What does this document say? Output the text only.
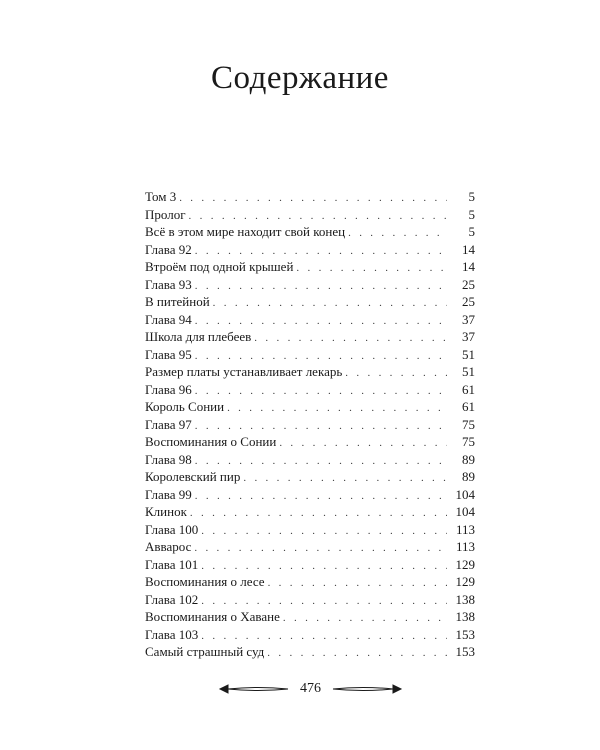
Содержание
Том 3 . . .	5
Пролог . . .	5
Всё в этом мире находит свой конец . . .	5
Глава 92 . . .	14
Втроём под одной крышей . . .	14
Глава 93 . . .	25
В питейной . . .	25
Глава 94 . . .	37
Школа для плебеев . . .	37
Глава 95 . . .	51
Размер платы устанавливает лекарь . . .	51
Глава 96 . . .	61
Король Сонии . . .	61
Глава 97 . . .	75
Воспоминания о Сонии . . .	75
Глава 98 . . .	89
Королевский пир . . .	89
Глава 99 . . .	104
Клинок . . .	104
Глава 100 . . .	113
Авварос . . .	113
Глава 101 . . .	129
Воспоминания о лесе . . .	129
Глава 102 . . .	138
Воспоминания о Хаване . . .	138
Глава 103 . . .	153
Самый страшный суд . . .	153
476
